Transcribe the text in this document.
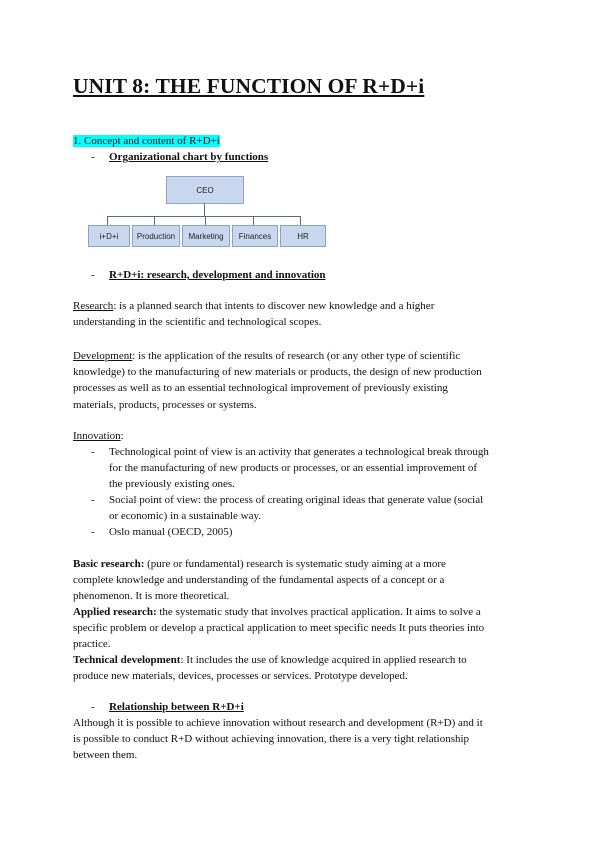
UNIT 8: THE FUNCTION OF R+D+i
1. Concept and content of R+D+i
- Organizational chart by functions
CEO
i+D+i	Production	Marketing	Finances	HR
- R+D+i: research, development and innovation
Research: is a planned search that intents to discover new knowledge and a higher
understanding in the scientific and technological scopes.
Development: is the application of the results of research (or any other type of scientific
knowledge) to the manufacturing of new materials or products, the design of new production
processes as well as to an essential technological improvement of previously existing
materials, products, processes or systems.
Innovation:
- Technological point of view is an activity that generates a technological break through
for the manufacturing of new products or processes, or an essential improvement of
the previously existing ones.
- Social point of view: the process of creating original ideas that generate value (social
or economic) in a sustainable way.
- Oslo manual (OECD, 2005)
Basic research: (pure or fundamental) research is systematic study aiming at a more
complete knowledge and understanding of the fundamental aspects of a concept or a
phenomenon. It is more theoretical.
Applied research: the systematic study that involves practical application. It aims to solve a
specific problem or develop a practical application to meet specific needs It puts theories into
practice.
Technical development: It includes the use of knowledge acquired in applied research to
produce new materials, devices, processes or services. Prototype developed.
- Relationship between R+D+i
Although it is possible to achieve innovation without research and development (R+D) and it
is possible to conduct R+D without achieving innovation, there is a very tight relationship
between them.
